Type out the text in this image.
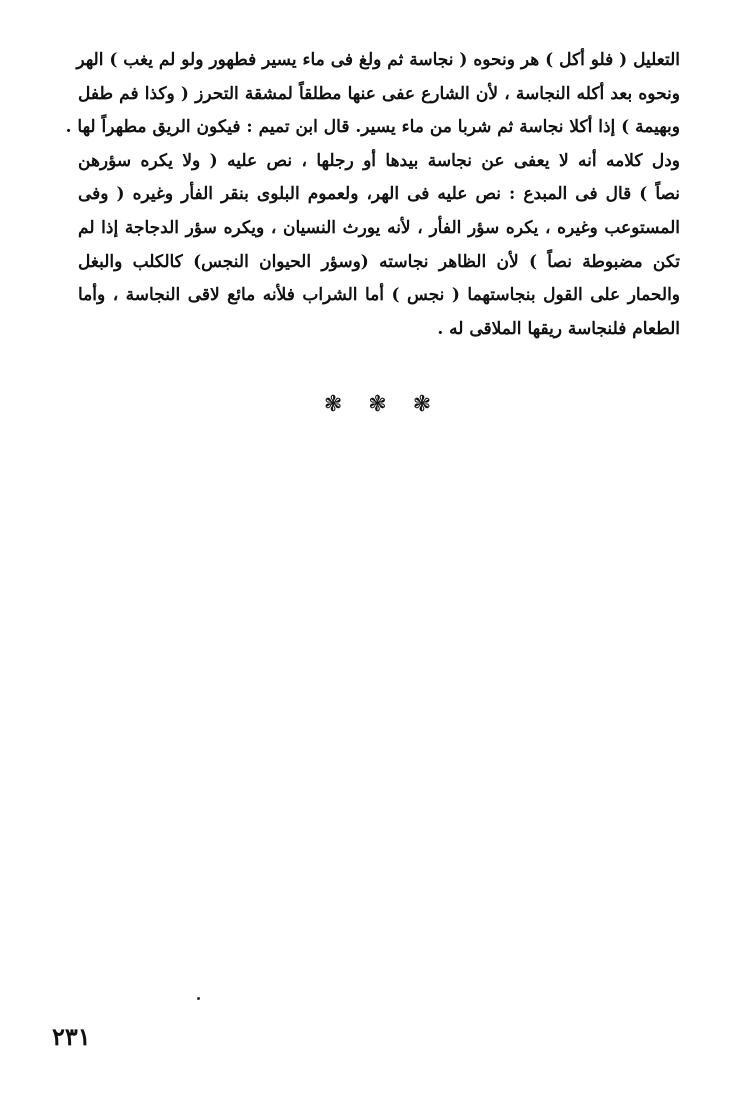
التعليل ( فلو أكل ) هر ونحوه ( نجاسة ثم ولغ فى ماء يسير فطهور ولو لم يغب ) الهر
ونحوه بعد أكله النجاسة ، لأن الشارع عفى عنها مطلقاً لمشقة التحرز ( وكذا فم طفل
وبهيمة ) إذا أكلا نجاسة ثم شربا من ماء يسير. قال ابن تميم : فيكون الريق مطهراً لها .
ودل كلامه أنه لا يعفى عن نجاسة بيدها أو رجلها ، نص عليه ( ولا يكره سؤرهن
نصاً ) قال فى المبدع : نص عليه فى الهر، ولعموم البلوى بنقر الفأر وغيره ( وفى
المستوعب وغيره ، يكره سؤر الفأر ، لأنه يورث النسيان ، ويكره سؤر الدجاجة إذا لم
تكن مضبوطة نصاً ) لأن الظاهر نجاسته (وسؤر الحيوان النجس) كالكلب والبغل
والحمار على القول بنجاستهما ( نجس ) أما الشراب فلأنه مائع لاقى النجاسة ، وأما
الطعام فلنجاسة ريقها الملاقى له .
❃❃❃
٢٣١
